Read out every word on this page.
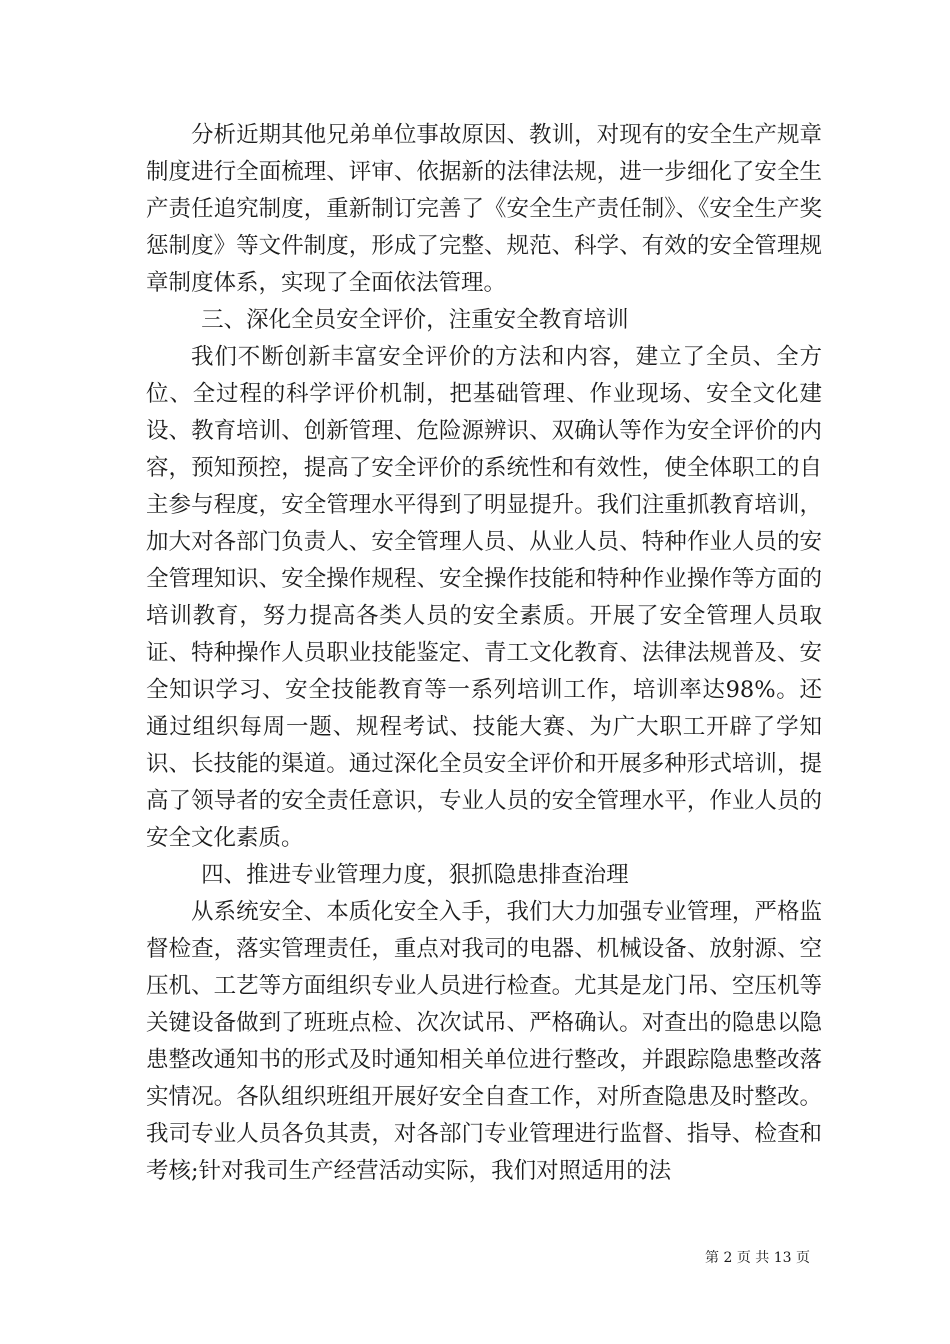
分析近期其他兄弟单位事故原因、教训，对现有的安全生产规章制度进行全面梳理、评审、依据新的法律法规，进一步细化了安全生产责任追究制度，重新制订完善了《安全生产责任制》、《安全生产奖惩制度》等文件制度，形成了完整、规范、科学、有效的安全管理规章制度体系，实现了全面依法管理。

三、深化全员安全评价，注重安全教育培训

我们不断创新丰富安全评价的方法和内容，建立了全员、全方位、全过程的科学评价机制，把基础管理、作业现场、安全文化建设、教育培训、创新管理、危险源辨识、双确认等作为安全评价的内容，预知预控，提高了安全评价的系统性和有效性，使全体职工的自主参与程度，安全管理水平得到了明显提升。我们注重抓教育培训，加大对各部门负责人、安全管理人员、从业人员、特种作业人员的安全管理知识、安全操作规程、安全操作技能和特种作业操作等方面的培训教育，努力提高各类人员的安全素质。开展了安全管理人员取证、特种操作人员职业技能鉴定、青工文化教育、法律法规普及、安全知识学习、安全技能教育等一系列培训工作，培训率达98%。还通过组织每周一题、规程考试、技能大赛、为广大职工开辟了学知识、长技能的渠道。通过深化全员安全评价和开展多种形式培训，提高了领导者的安全责任意识，专业人员的安全管理水平，作业人员的安全文化素质。

四、推进专业管理力度，狠抓隐患排查治理

从系统安全、本质化安全入手，我们大力加强专业管理，严格监督检查，落实管理责任，重点对我司的电器、机械设备、放射源、空压机、工艺等方面组织专业人员进行检查。尤其是龙门吊、空压机等关键设备做到了班班点检、次次试吊、严格确认。对查出的隐患以隐患整改通知书的形式及时通知相关单位进行整改，并跟踪隐患整改落实情况。各队组织班组开展好安全自查工作，对所查隐患及时整改。我司专业人员各负其责，对各部门专业管理进行监督、指导、检查和考核;针对我司生产经营活动实际，我们对照适用的法

第 2 页 共 13 页
